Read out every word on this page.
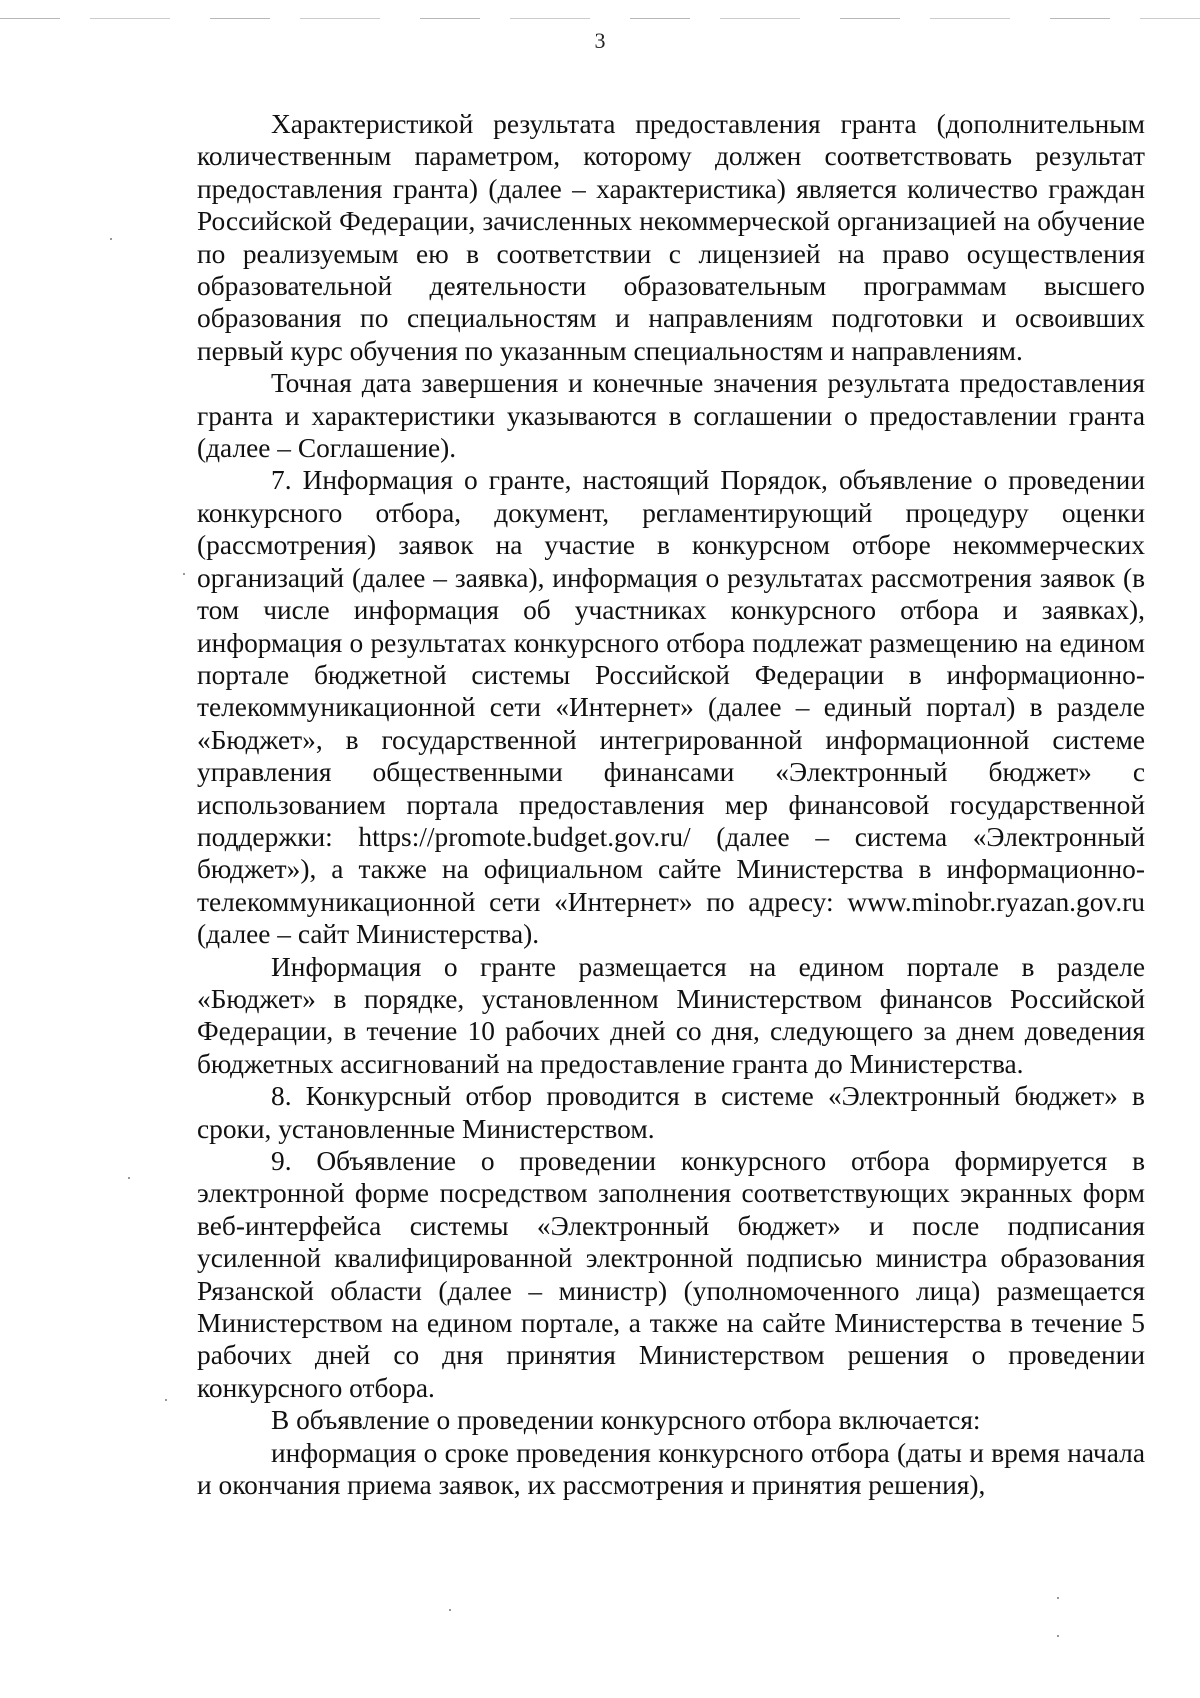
3

Характеристикой результата предоставления гранта (дополнительным количественным параметром, которому должен соответствовать результат предоставления гранта) (далее – характеристика) является количество граждан Российской Федерации, зачисленных некоммерческой организацией на обучение по реализуемым ею в соответствии с лицензией на право осуществления образовательной деятельности образовательным программам высшего образования по специальностям и направлениям подготовки и освоивших первый курс обучения по указанным специальностям и направлениям.

Точная дата завершения и конечные значения результата предоставления гранта и характеристики указываются в соглашении о предоставлении гранта (далее – Соглашение).

7. Информация о гранте, настоящий Порядок, объявление о проведении конкурсного отбора, документ, регламентирующий процедуру оценки (рассмотрения) заявок на участие в конкурсном отборе некоммерческих организаций (далее – заявка), информация о результатах рассмотрения заявок (в том числе информация об участниках конкурсного отбора и заявках), информация о результатах конкурсного отбора подлежат размещению на едином портале бюджетной системы Российской Федерации в информационно-телекоммуникационной сети «Интернет» (далее – единый портал) в разделе «Бюджет», в государственной интегрированной информационной системе управления общественными финансами «Электронный бюджет» с использованием портала предоставления мер финансовой государственной поддержки: https://promote.budget.gov.ru/ (далее – система «Электронный бюджет»), а также на официальном сайте Министерства в информационно-телекоммуникационной сети «Интернет» по адресу: www.minobr.ryazan.gov.ru (далее – сайт Министерства).

Информация о гранте размещается на едином портале в разделе «Бюджет» в порядке, установленном Министерством финансов Российской Федерации, в течение 10 рабочих дней со дня, следующего за днем доведения бюджетных ассигнований на предоставление гранта до Министерства.

8. Конкурсный отбор проводится в системе «Электронный бюджет» в сроки, установленные Министерством.

9. Объявление о проведении конкурсного отбора формируется в электронной форме посредством заполнения соответствующих экранных форм веб-интерфейса системы «Электронный бюджет» и после подписания усиленной квалифицированной электронной подписью министра образования Рязанской области (далее – министр) (уполномоченного лица) размещается Министерством на едином портале, а также на сайте Министерства в течение 5 рабочих дней со дня принятия Министерством решения о проведении конкурсного отбора.

В объявление о проведении конкурсного отбора включается:

информация о сроке проведения конкурсного отбора (даты и время начала и окончания приема заявок, их рассмотрения и принятия решения),
